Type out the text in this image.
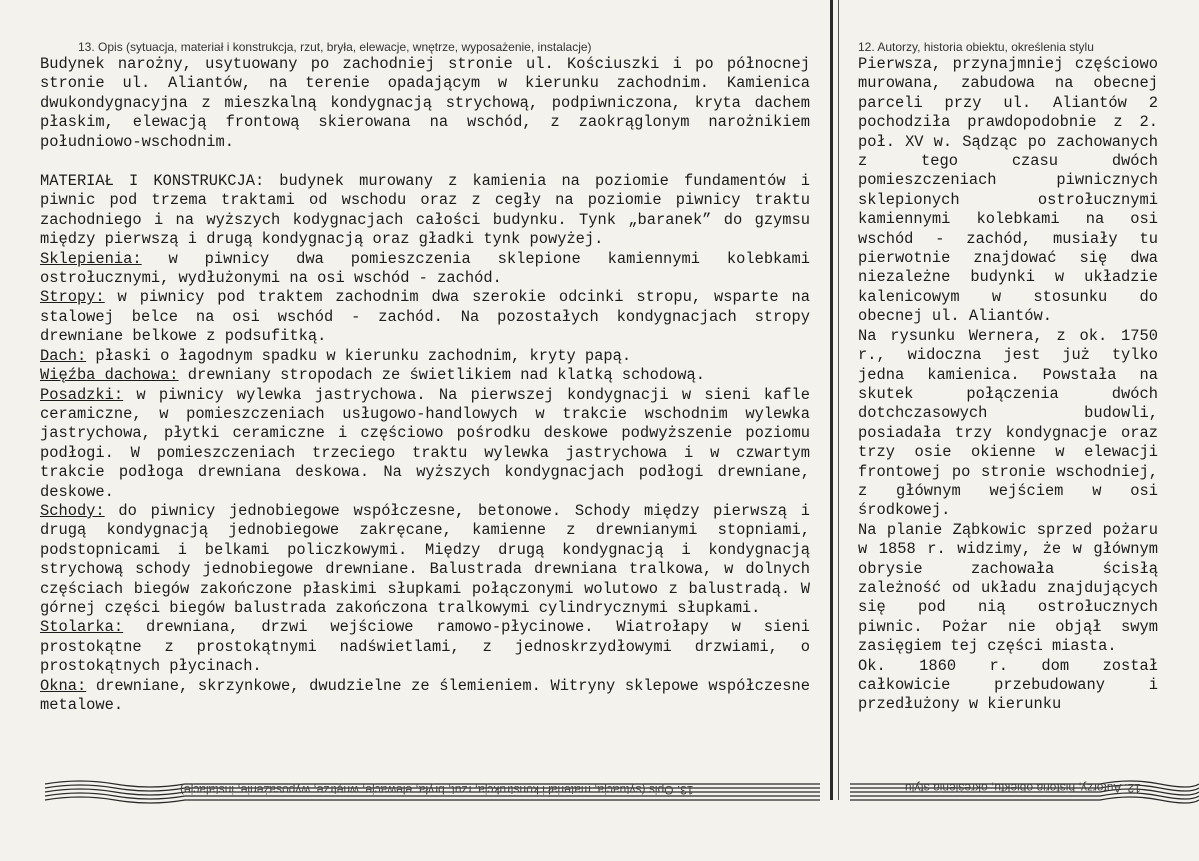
13. Opis (sytuacja, materiał i konstrukcja, rzut, bryła, elewacje, wnętrze, wyposażenie, instalacje)	12. Autorzy, historia obiektu, określenia stylu

Budynek narożny, usytuowany po zachodniej stronie ul. Kościuszki i po północnej stronie ul. Aliantów, na terenie opadającym w kierunku zachodnim. Kamienica dwukondygnacyjna z mieszkalną kondygnacją strychową, podpiwniczona, kryta dachem płaskim, elewacją frontową skierowana na wschód, z zaokrąglonym narożnikiem południowo-wschodnim.

MATERIAŁ I KONSTRUKCJA: budynek murowany z kamienia na poziomie fundamentów i piwnic pod trzema traktami od wschodu oraz z cegły na poziomie piwnicy traktu zachodniego i na wyższych kodygnacjach całości budynku. Tynk „baranek” do gzymsu między pierwszą i drugą kondygnacją oraz gładki tynk powyżej.

Sklepienia: w piwnicy dwa pomieszczenia sklepione kamiennymi kolebkami ostrołucznymi, wydłużonymi na osi wschód - zachód.

Stropy: w piwnicy pod traktem zachodnim dwa szerokie odcinki stropu, wsparte na stalowej belce na osi wschód - zachód. Na pozostałych kondygnacjach stropy drewniane belkowe z podsufitką.

Dach: płaski o łagodnym spadku w kierunku zachodnim, kryty papą.

Więźba dachowa: drewniany stropodach ze świetlikiem nad klatką schodową.

Posadzki: w piwnicy wylewka jastrychowa. Na pierwszej kondygnacji w sieni kafle ceramiczne, w pomieszczeniach usługowo-handlowych w trakcie wschodnim wylewka jastrychowa, płytki ceramiczne i częściowo pośrodku deskowe podwyższenie poziomu podłogi. W pomieszczeniach trzeciego traktu wylewka jastrychowa i w czwartym trakcie podłoga drewniana deskowa. Na wyższych kondygnacjach podłogi drewniane, deskowe.

Schody: do piwnicy jednobiegowe współczesne, betonowe. Schody między pierwszą i drugą kondygnacją jednobiegowe zakręcane, kamienne z drewnianymi stopniami, podstopnicami i belkami policzkowymi. Między drugą kondygnacją i kondygnacją strychową schody jednobiegowe drewniane. Balustrada drewniana tralkowa, w dolnych częściach biegów zakończone płaskimi słupkami połączonymi wolutowo z balustradą. W górnej części biegów balustrada zakończona tralkowymi cylindrycznymi słupkami.

Stolarka: drewniana, drzwi wejściowe ramowo-płycinowe. Wiatrołapy w sieni prostokątne z prostokątnymi nadświetlami, z jednoskrzydłowymi drzwiami, o prostokątnych płycinach.

Okna: drewniane, skrzynkowe, dwudzielne ze ślemieniem. Witryny sklepowe współczesne metalowe.

Pierwsza, przynajmniej częściowo murowana, zabudowa na obecnej parceli przy ul. Aliantów 2 pochodziła prawdopodobnie z 2. poł. XV w. Sądząc po zachowanych z tego czasu dwóch pomieszczeniach piwnicznych sklepionych ostrołucznymi kamiennymi kolebkami na osi wschód - zachód, musiały tu pierwotnie znajdować się dwa niezależne budynki w układzie kalenicowym w stosunku do obecnej ul. Aliantów.

Na rysunku Wernera, z ok. 1750 r., widoczna jest już tylko jedna kamienica. Powstała na skutek połączenia dwóch dotchczasowych budowli, posiadała trzy kondygnacje oraz trzy osie okienne w elewacji frontowej po stronie wschodniej, z głównym wejściem w osi środkowej.

Na planie Ząbkowic sprzed pożaru w 1858 r. widzimy, że w głównym obrysie zachowała ścisłą zależność od układu znajdujących się pod nią ostrołucznych piwnic. Pożar nie objął swym zasięgiem tej części miasta.

Ok. 1860 r. dom został całkowicie przebudowany i przedłużony w kierunku

13. Opis (sytuacja, materiał i konstrukcja, rzut, bryła, elewacje, wnętrze, wyposażenie, instalacje)	12. Autorzy, historia obiektu, określenia stylu
